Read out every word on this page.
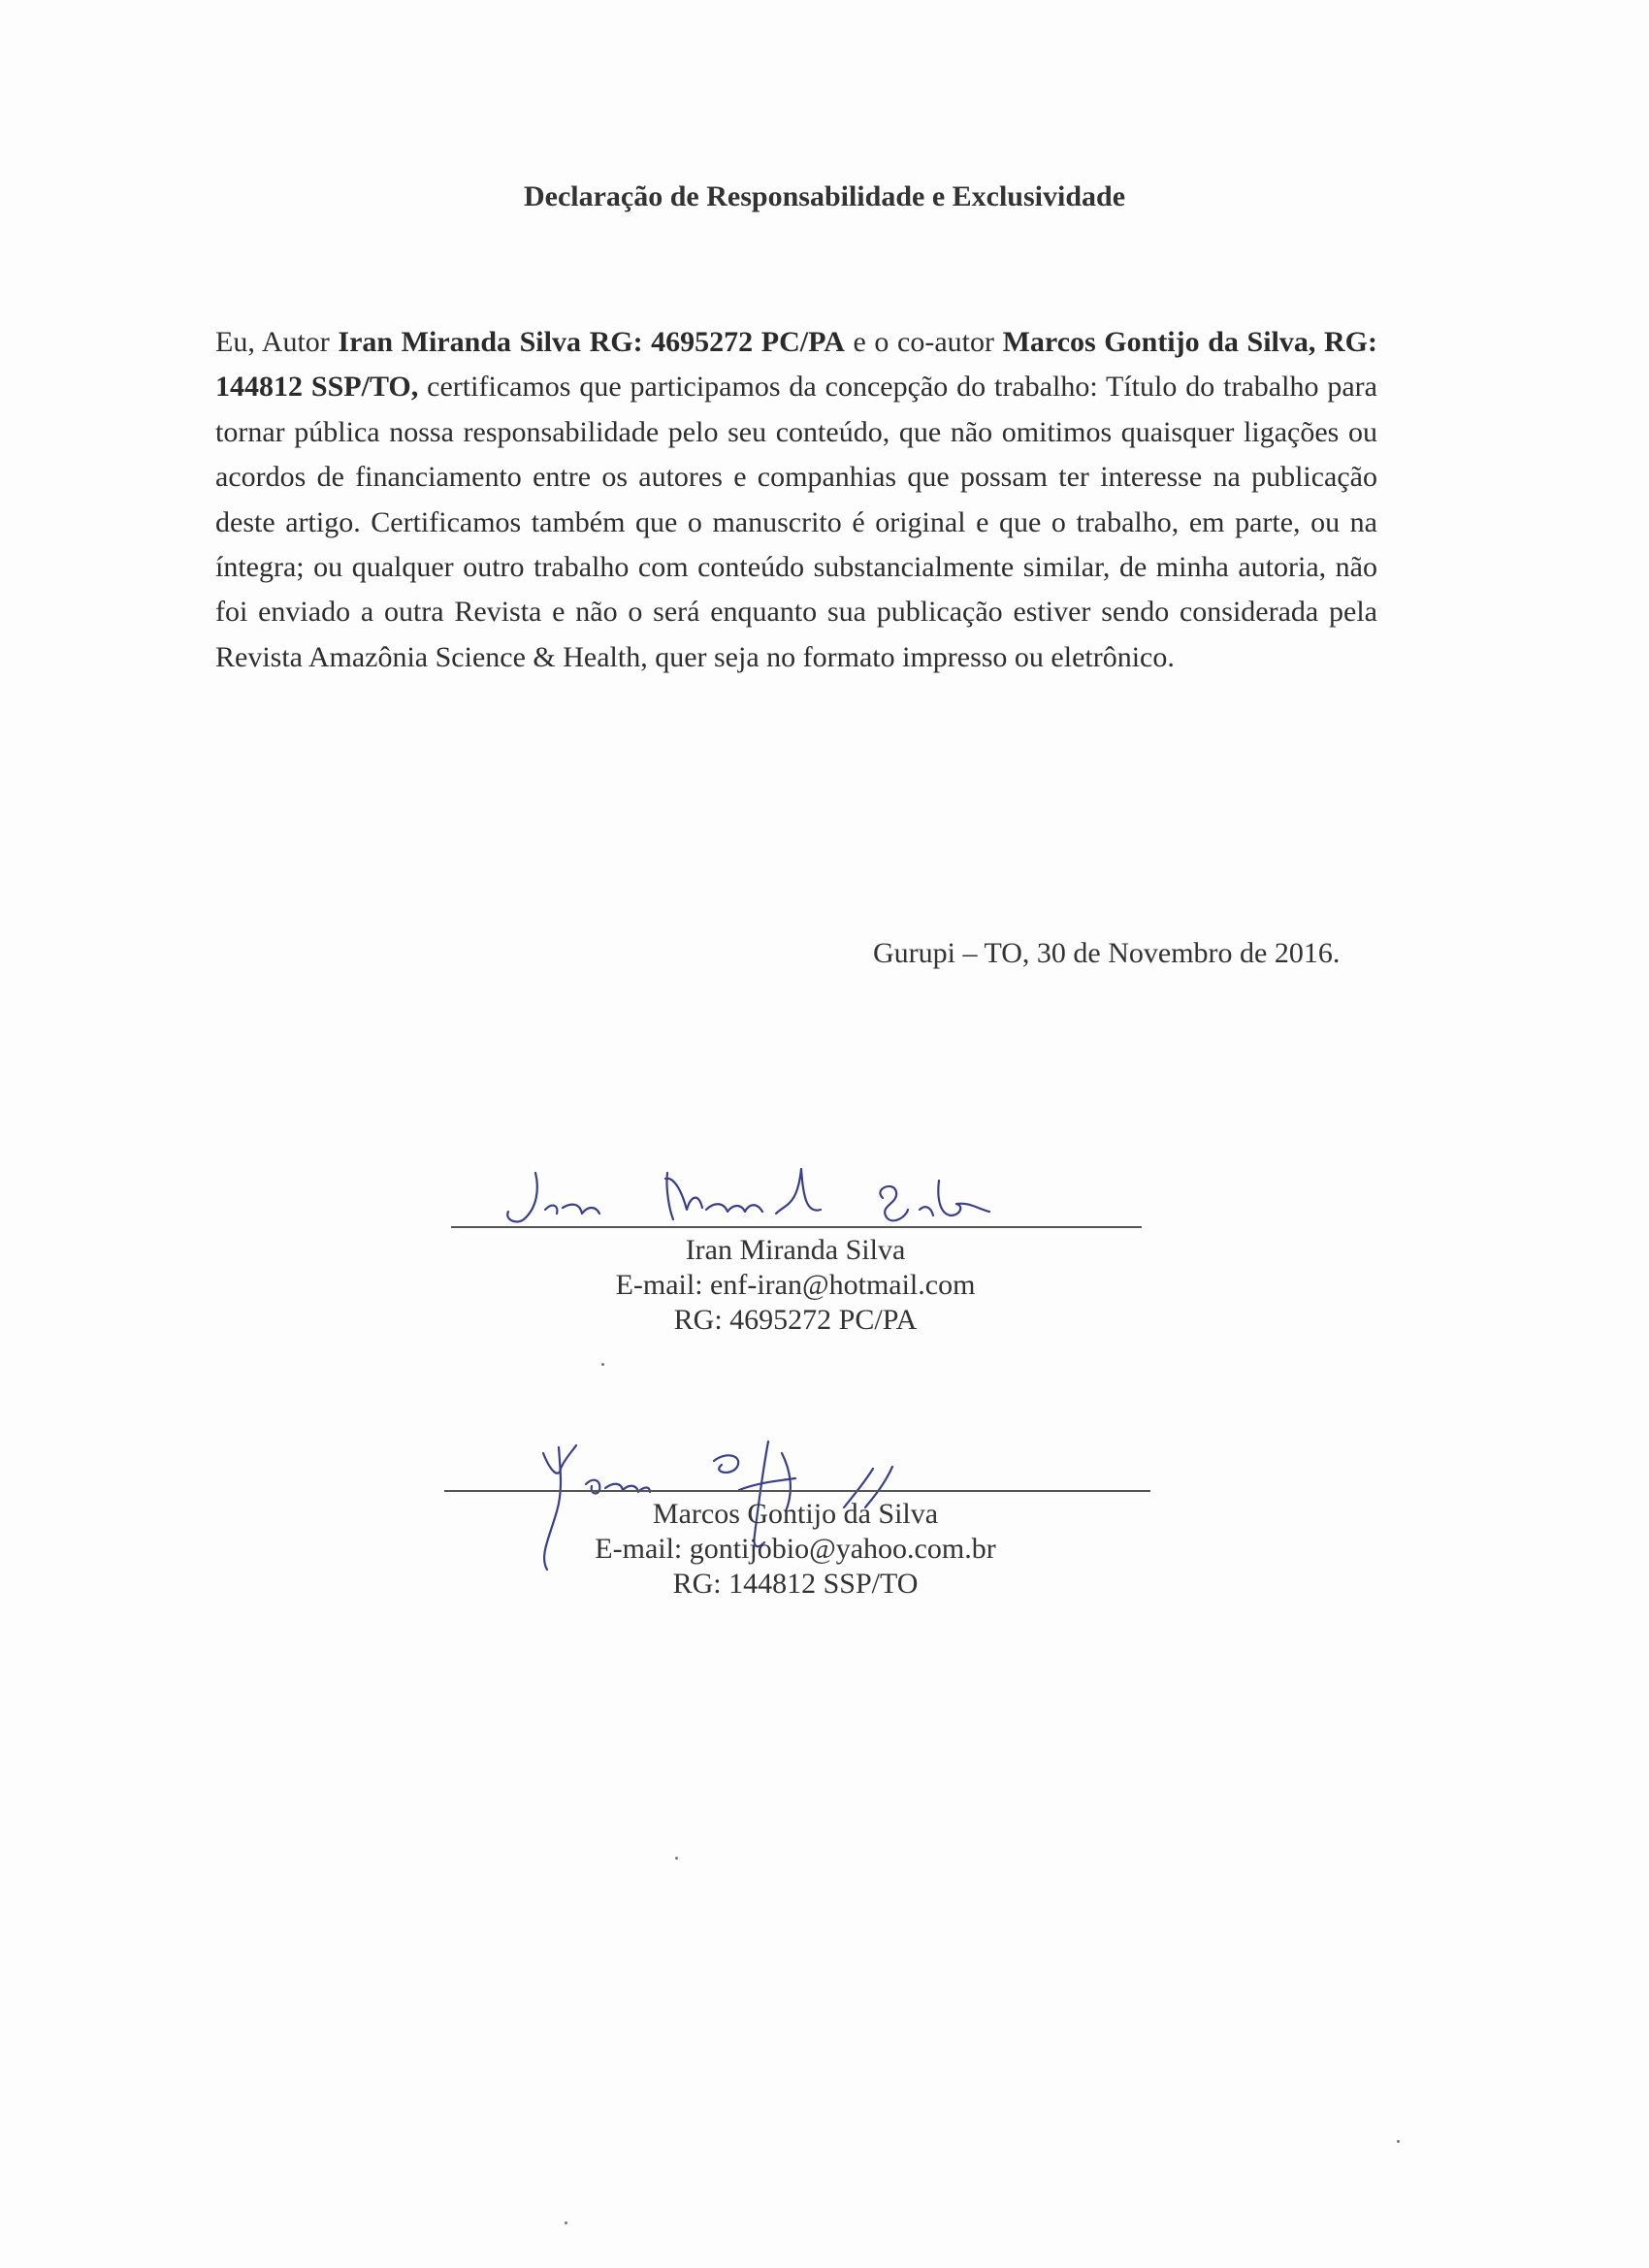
Declaração de Responsabilidade e Exclusividade

Eu, Autor Iran Miranda Silva RG: 4695272 PC/PA e o co-autor Marcos Gontijo da Silva, RG: 144812 SSP/TO, certificamos que participamos da concepção do trabalho: Título do trabalho para tornar pública nossa responsabilidade pelo seu conteúdo, que não omitimos quaisquer ligações ou acordos de financiamento entre os autores e companhias que possam ter interesse na publicação deste artigo. Certificamos também que o manuscrito é original e que o trabalho, em parte, ou na íntegra; ou qualquer outro trabalho com conteúdo substancialmente similar, de minha autoria, não foi enviado a outra Revista e não o será enquanto sua publicação estiver sendo considerada pela Revista Amazônia Science & Health, quer seja no formato impresso ou eletrônico.

Gurupi – TO, 30 de Novembro de 2016.
Iran Miranda Silva
E-mail: enf-iran@hotmail.com
RG: 4695272 PC/PA
Marcos Gontijo da Silva
E-mail: gontijobio@yahoo.com.br
RG: 144812 SSP/TO
